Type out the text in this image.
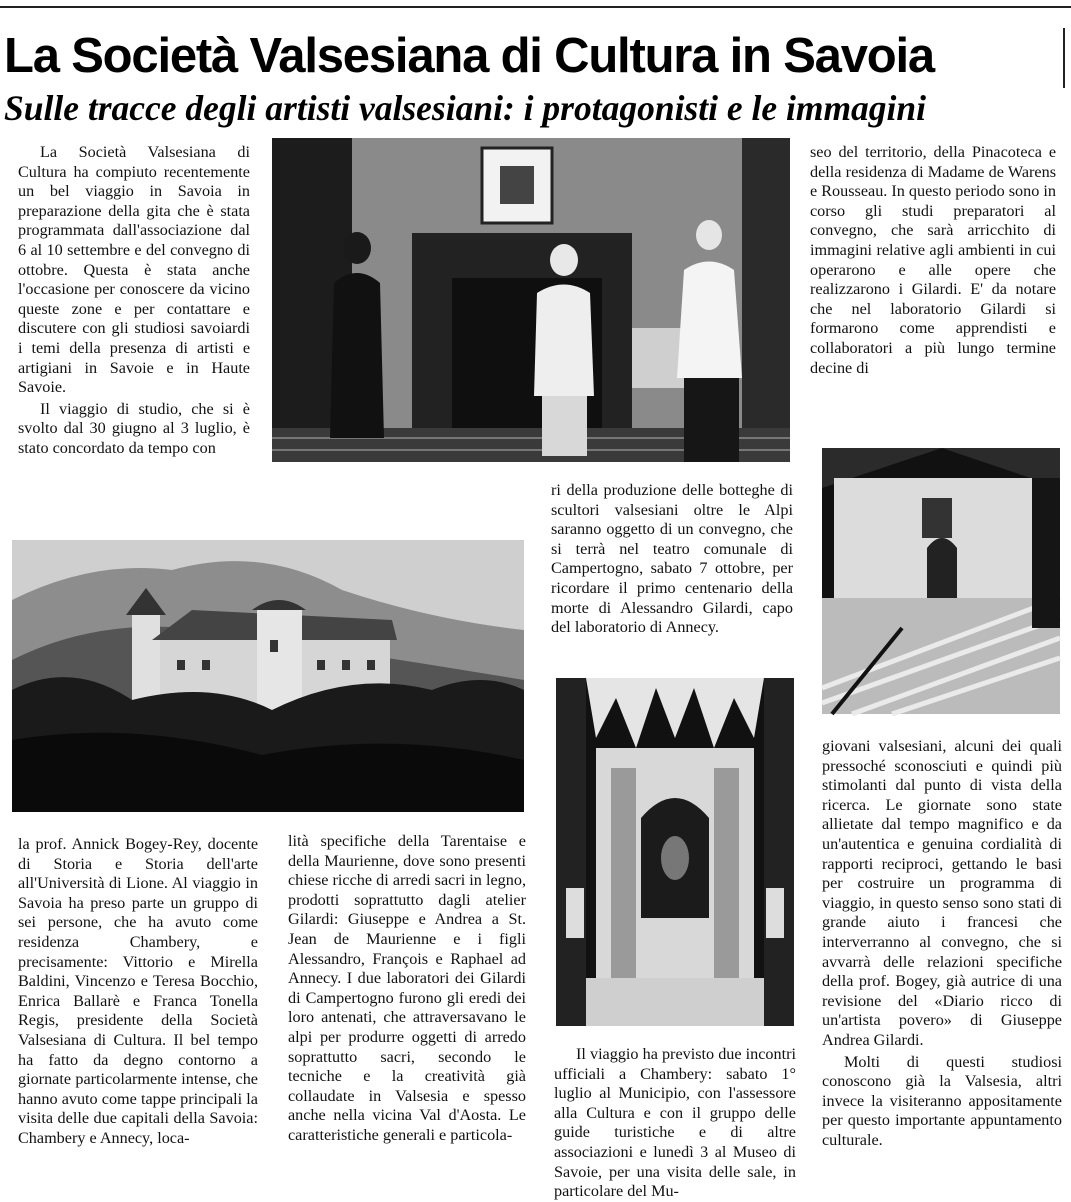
La Società Valsesiana di Cultura in Savoia
Sulle tracce degli artisti valsesiani: i protagonisti e le immagini

La Società Valsesiana di Cultura ha compiuto recentemente un bel viaggio in Savoia in preparazione della gita che è stata programmata dall'associazione dal 6 al 10 settembre e del convegno di ottobre. Questa è stata anche l'occasione per conoscere da vicino queste zone e per contattare e discutere con gli studiosi savoiardi i temi della presenza di artisti e artigiani in Savoie e in Haute Savoie.

Il viaggio di studio, che si è svolto dal 30 giugno al 3 luglio, è stato concordato da tempo con

seo del territorio, della Pinacoteca e della residenza di Madame de Warens e Rousseau. In questo periodo sono in corso gli studi preparatori al convegno, che sarà arricchito di immagini relative agli ambienti in cui operarono e alle opere che realizzarono i Gilardi. E' da notare che nel laboratorio Gilardi si formarono come apprendisti e collaboratori a più lungo termine decine di

ri della produzione delle botteghe di scultori valsesiani oltre le Alpi saranno oggetto di un convegno, che si terrà nel teatro comunale di Campertogno, sabato 7 ottobre, per ricordare il primo centenario della morte di Alessandro Gilardi, capo del laboratorio di Annecy.

la prof. Annick Bogey-Rey, docente di Storia e Storia dell'arte all'Università di Lione. Al viaggio in Savoia ha preso parte un gruppo di sei persone, che ha avuto come residenza Chambery, e precisamente: Vittorio e Mirella Baldini, Vincenzo e Teresa Bocchio, Enrica Ballarè e Franca Tonella Regis, presidente della Società Valsesiana di Cultura. Il bel tempo ha fatto da degno contorno a giornate particolarmente intense, che hanno avuto come tappe principali la visita delle due capitali della Savoia: Chambery e Annecy, loca-

lità specifiche della Tarentaise e della Maurienne, dove sono presenti chiese ricche di arredi sacri in legno, prodotti soprattutto dagli atelier Gilardi: Giuseppe e Andrea a St. Jean de Maurienne e i figli Alessandro, François e Raphael ad Annecy. I due laboratori dei Gilardi di Campertogno furono gli eredi dei loro antenati, che attraversavano le alpi per produrre oggetti di arredo soprattutto sacri, secondo le tecniche e la creatività già collaudate in Valsesia e spesso anche nella vicina Val d'Aosta. Le caratteristiche generali e particola-

Il viaggio ha previsto due incontri ufficiali a Chambery: sabato 1° luglio al Municipio, con l'assessore alla Cultura e con il gruppo delle guide turistiche e di altre associazioni e lunedì 3 al Museo di Savoie, per una visita delle sale, in particolare del Mu-

giovani valsesiani, alcuni dei quali pressoché sconosciuti e quindi più stimolanti dal punto di vista della ricerca. Le giornate sono state allietate dal tempo magnifico e da un'autentica e genuina cordialità di rapporti reciproci, gettando le basi per costruire un programma di viaggio, in questo senso sono stati di grande aiuto i francesi che interverranno al convegno, che si avvarrà delle relazioni specifiche della prof. Bogey, già autrice di una revisione del «Diario ricco di un'artista povero» di Giuseppe Andrea Gilardi.

Molti di questi studiosi conoscono già la Valsesia, altri invece la visiteranno appositamente per questo importante appuntamento culturale.
